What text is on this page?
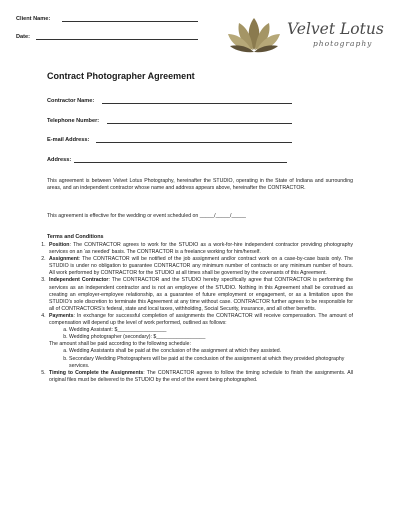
Client Name:
Date:	Velvet Lotus
photography
Contract Photographer Agreement
Contractor Name:
Telephone Number:
E-mail Address:
Address:
This agreement is between Velvet Lotus Photography, hereinafter the STUDIO, operating in the State of Indiana and surrounding areas, and an independent contractor whose name and address appears above, hereinafter the CONTRACTOR.
This agreement is effective for the wedding or event scheduled on _____/_____/_____
Terms and Conditions
1. Position: The CONTRACTOR agrees to work for the STUDIO as a work-for-hire independent contractor providing photography services on an ‘as needed’ basis. The CONTRACTOR is a freelance working for him/herself.
2. Assignment: The CONTRACTOR will be notified of the job assignment and/or contract work on a case-by-case basis only. The STUDIO is under no obligation to guarantee CONTRACTOR any minimum number of contracts or any minimum number of hours. All work performed by CONTRACTOR for the STUDIO at all times shall be governed by the covenants of this Agreement.
3. Independent Contractor: The CONTRACTOR and the STUDIO hereby specifically agree that CONTRACTOR is performing the services as an independent contractor and is not an employee of the STUDIO. Nothing in this Agreement shall be construed as creating an employer-employee relationship, as a guarantee of future employment or engagement, or as a limitation upon the STUDIO’s sole discretion to terminate this Agreement at any time without case. CONTRACTOR further agrees to be responsible for all of CONTRACTORS’s federal, state and local taxes, withholding, Social Security, insurance, and all other benefits.
4. Payments: In exchange for successful completion of assignments the CONTRACTOR will receive compensation. The amount of compensation will depend up the level of work performed, outlined as follows:
a. Wedding Assistant: $_________________
b. Wedding photographer (secondary): $_________________
The amount shall be paid according to the following schedule:
a. Wedding Assistants shall be paid at the conclusion of the assignment at which they assisted.
b. Secondary Wedding Photographers will be paid at the conclusion of the assignment at which they provided photography services.
5. Timing to Complete the Assignments: The CONTRACTOR agrees to follow the timing schedule to finish the assignments. All original files must be delivered to the STUDIO by the end of the event being photographed.
